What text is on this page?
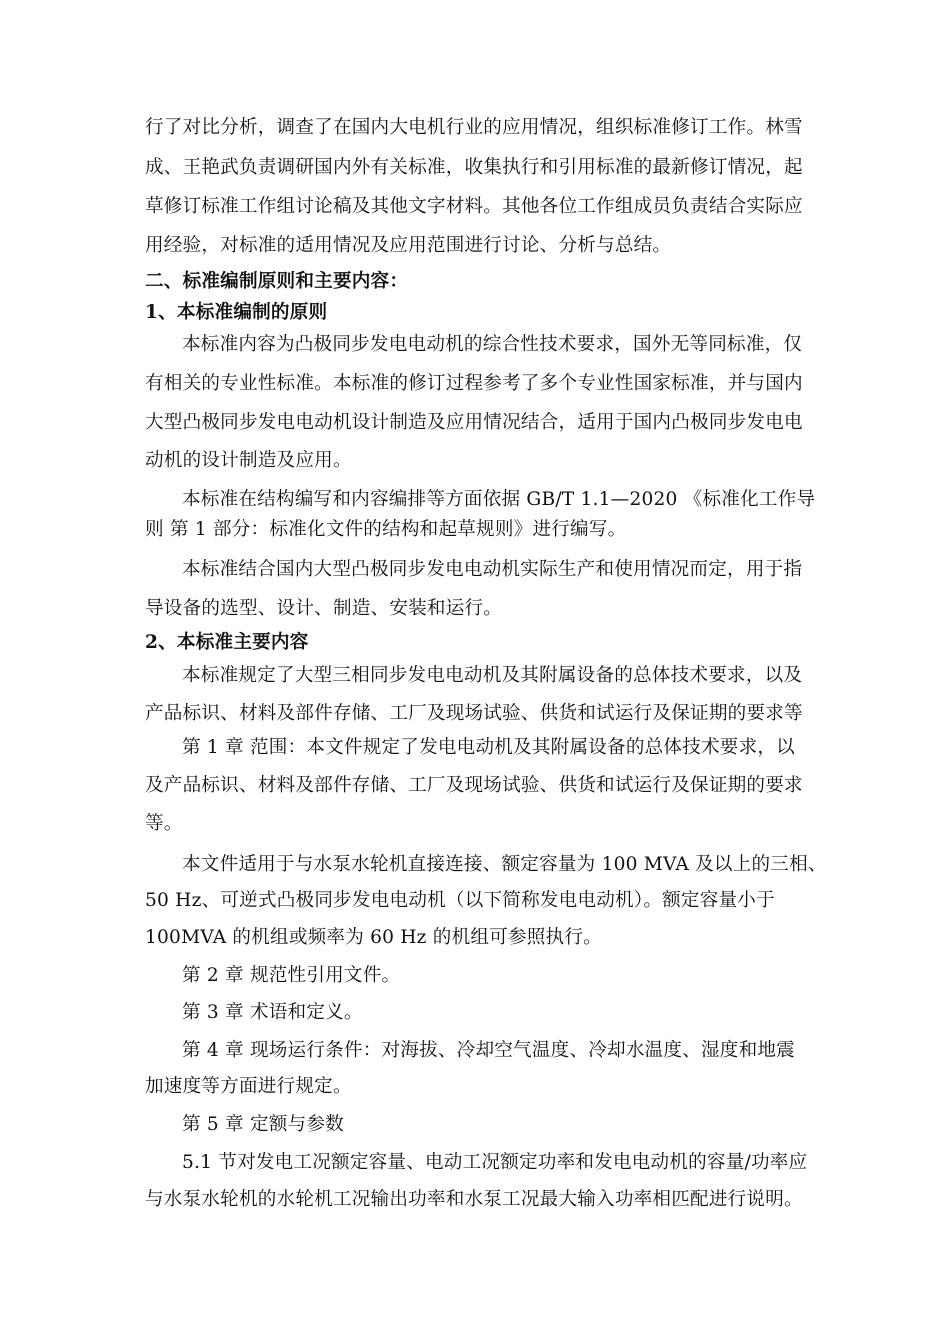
行了对比分析，调查了在国内大电机行业的应用情况，组织标准修订工作。林雪
成、王艳武负责调研国内外有关标准，收集执行和引用标准的最新修订情况，起
草修订标准工作组讨论稿及其他文字材料。其他各位工作组成员负责结合实际应
用经验，对标准的适用情况及应用范围进行讨论、分析与总结。
二、标准编制原则和主要内容：
1、本标准编制的原则
本标准内容为凸极同步发电电动机的综合性技术要求，国外无等同标准，仅
有相关的专业性标准。本标准的修订过程参考了多个专业性国家标准，并与国内
大型凸极同步发电电动机设计制造及应用情况结合，适用于国内凸极同步发电电
动机的设计制造及应用。
本标准在结构编写和内容编排等方面依据 GB/T 1.1—2020 《标准化工作导
则 第 1 部分：标准化文件的结构和起草规则》进行编写。
本标准结合国内大型凸极同步发电电动机实际生产和使用情况而定，用于指
导设备的选型、设计、制造、安装和运行。
2、本标准主要内容
本标准规定了大型三相同步发电电动机及其附属设备的总体技术要求，以及
产品标识、材料及部件存储、工厂及现场试验、供货和试运行及保证期的要求等
第 1 章 范围：本文件规定了发电电动机及其附属设备的总体技术要求，以
及产品标识、材料及部件存储、工厂及现场试验、供货和试运行及保证期的要求
等。
本文件适用于与水泵水轮机直接连接、额定容量为 100 MVA 及以上的三相、
50 Hz、可逆式凸极同步发电电动机（以下简称发电电动机）。额定容量小于
100MVA 的机组或频率为 60 Hz 的机组可参照执行。
第 2 章 规范性引用文件。
第 3 章 术语和定义。
第 4 章 现场运行条件：对海拔、冷却空气温度、冷却水温度、湿度和地震
加速度等方面进行规定。
第 5 章 定额与参数
5.1 节对发电工况额定容量、电动工况额定功率和发电电动机的容量/功率应
与水泵水轮机的水轮机工况输出功率和水泵工况最大输入功率相匹配进行说明。
